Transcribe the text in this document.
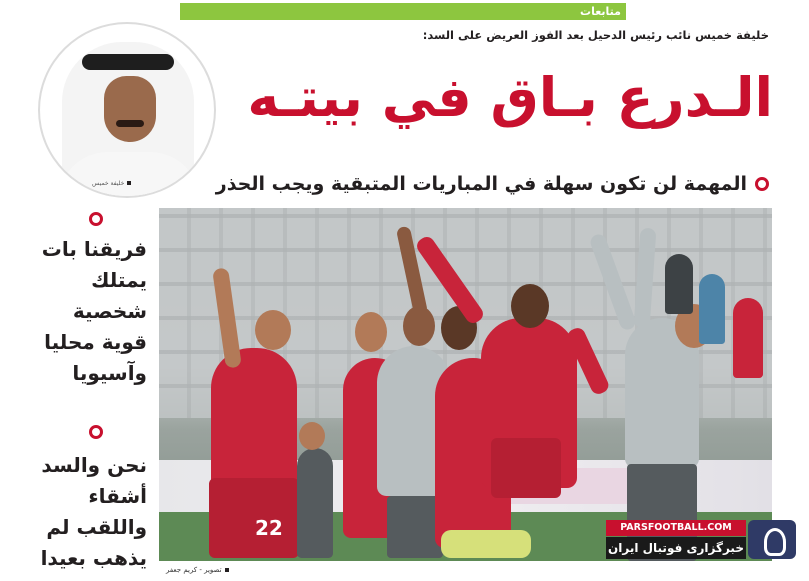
متابعات
خليفة خميس نائب رئيس الدحيل بعد الفوز العريض على السد:
الـدرع بـاق في بيتـه
المهمة لن تكون سهلة في المباريات المتبقية ويجب الحذر
خليفة خميس
فريقنا بات
يمتلك
شخصية
قوية محليا
وآسيويا
نحن والسد
أشقاء
واللقب لم
يذهب بعيدا
22
تصوير - كريم جعفر
PARSFOOTBALL.COM
خبرگزاری فوتبال ایران
